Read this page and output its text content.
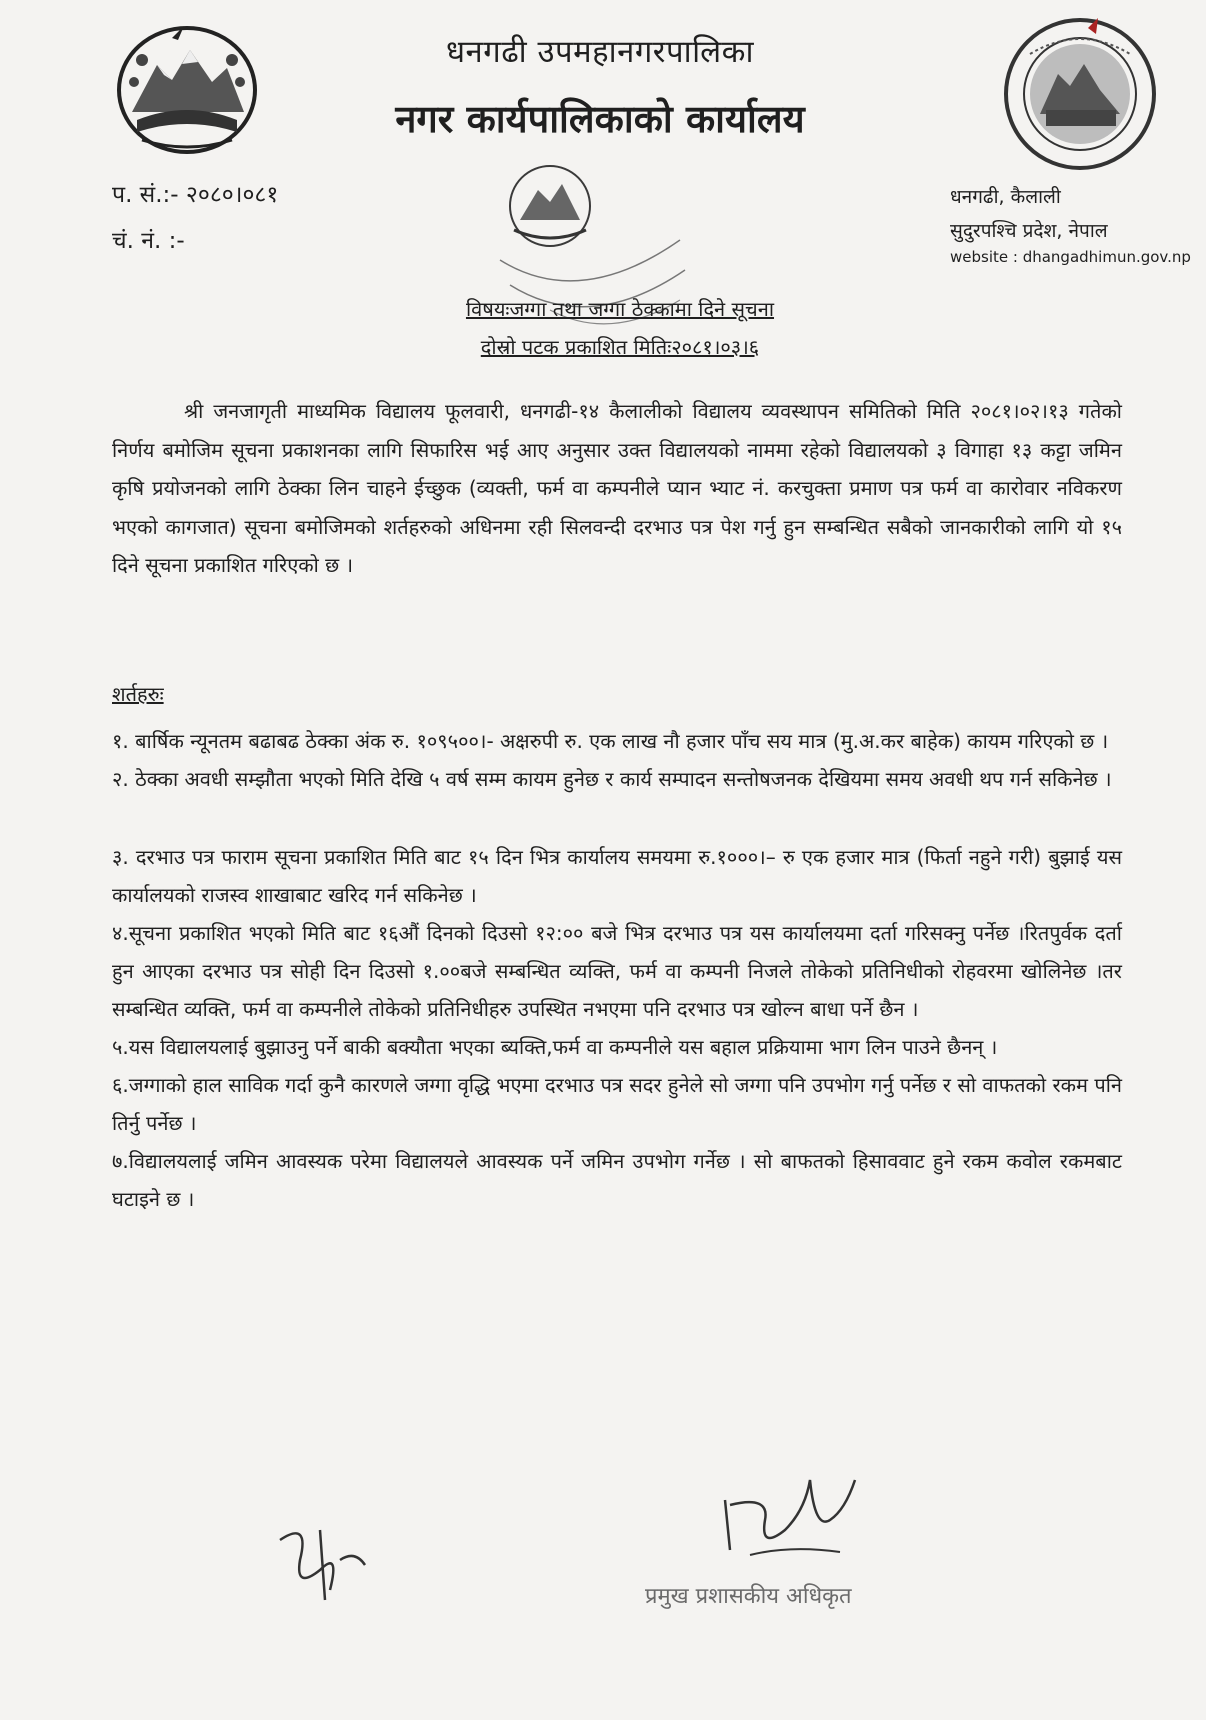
धनगढी उपमहानगरपालिका
नगर कार्यपालिकाको कार्यालय
प. सं.:- २०८०।०८१
चं. नं. :-
धनगढी, कैलाली
सुदुरपश्चि प्रदेश, नेपाल
website : dhangadhimun.gov.np
विषयःजग्गा तथा जग्गा ठेक्कामा दिने सूचना
दोस्रो पटक प्रकाशित मितिः२०८१।०३।६

श्री जनजागृती माध्यमिक विद्यालय फूलवारी, धनगढी-१४ कैलालीको विद्यालय व्यवस्थापन समितिको मिति २०८१।०२।१३ गतेको निर्णय बमोजिम सूचना प्रकाशनका लागि सिफारिस भई आए अनुसार उक्त विद्यालयको नाममा रहेको विद्यालयको ३ विगाहा १३ कट्टा जमिन कृषि प्रयोजनको लागि ठेक्का लिन चाहने ईच्छुक (व्यक्ती, फर्म वा कम्पनीले प्यान भ्याट नं. करचुक्ता प्रमाण पत्र फर्म वा कारोवार नविकरण भएको कागजात) सूचना बमोजिमको शर्तहरुको अधिनमा रही सिलवन्दी दरभाउ पत्र पेश गर्नु हुन सम्बन्धित सबैको जानकारीको लागि यो १५ दिने सूचना प्रकाशित गरिएको छ ।

शर्तहरुः

१. बार्षिक न्यूनतम बढाबढ ठेक्का अंक रु. १०९५००।- अक्षरुपी रु. एक लाख नौ हजार पाँच सय मात्र (मु.अ.कर बाहेक) कायम गरिएको छ ।

२. ठेक्का अवधी सम्झौता भएको मिति देखि ५ वर्ष सम्म कायम हुनेछ र कार्य सम्पादन सन्तोषजनक देखियमा समय अवधी थप गर्न सकिनेछ ।

३. दरभाउ पत्र फाराम सूचना प्रकाशित मिति बाट १५ दिन भित्र कार्यालय समयमा रु.१०००।– रु एक हजार मात्र (फिर्ता नहुने गरी) बुझाई यस कार्यालयको राजस्व शाखाबाट खरिद गर्न सकिनेछ ।

४.सूचना प्रकाशित भएको मिति बाट १६औं दिनको दिउसो १२:०० बजे भित्र दरभाउ पत्र यस कार्यालयमा दर्ता गरिसक्नु पर्नेछ ।रितपुर्वक दर्ता हुन आएका दरभाउ पत्र सोही दिन दिउसो १.००बजे सम्बन्धित व्यक्ति, फर्म वा कम्पनी निजले तोकेको प्रतिनिधीको रोहवरमा खोलिनेछ ।तर सम्बन्धित व्यक्ति, फर्म वा कम्पनीले तोकेको प्रतिनिधीहरु उपस्थित नभएमा पनि दरभाउ पत्र खोल्न बाधा पर्ने छैन ।

५.यस विद्यालयलाई बुझाउनु पर्ने बाकी बक्यौता भएका ब्यक्ति,फर्म वा कम्पनीले यस बहाल प्रक्रियामा भाग लिन पाउने छैनन् ।

६.जग्गाको हाल साविक गर्दा कुनै कारणले जग्गा वृद्धि भएमा दरभाउ पत्र सदर हुनेले सो जग्गा पनि उपभोग गर्नु पर्नेछ र सो वाफतको रकम पनि तिर्नु पर्नेछ ।

७.विद्यालयलाई जमिन आवस्यक परेमा विद्यालयले आवस्यक पर्ने जमिन उपभोग गर्नेछ । सो बाफतको हिसाववाट हुने रकम कवोल रकमबाट घटाइने छ ।

प्रमुख प्रशासकीय अधिकृत
